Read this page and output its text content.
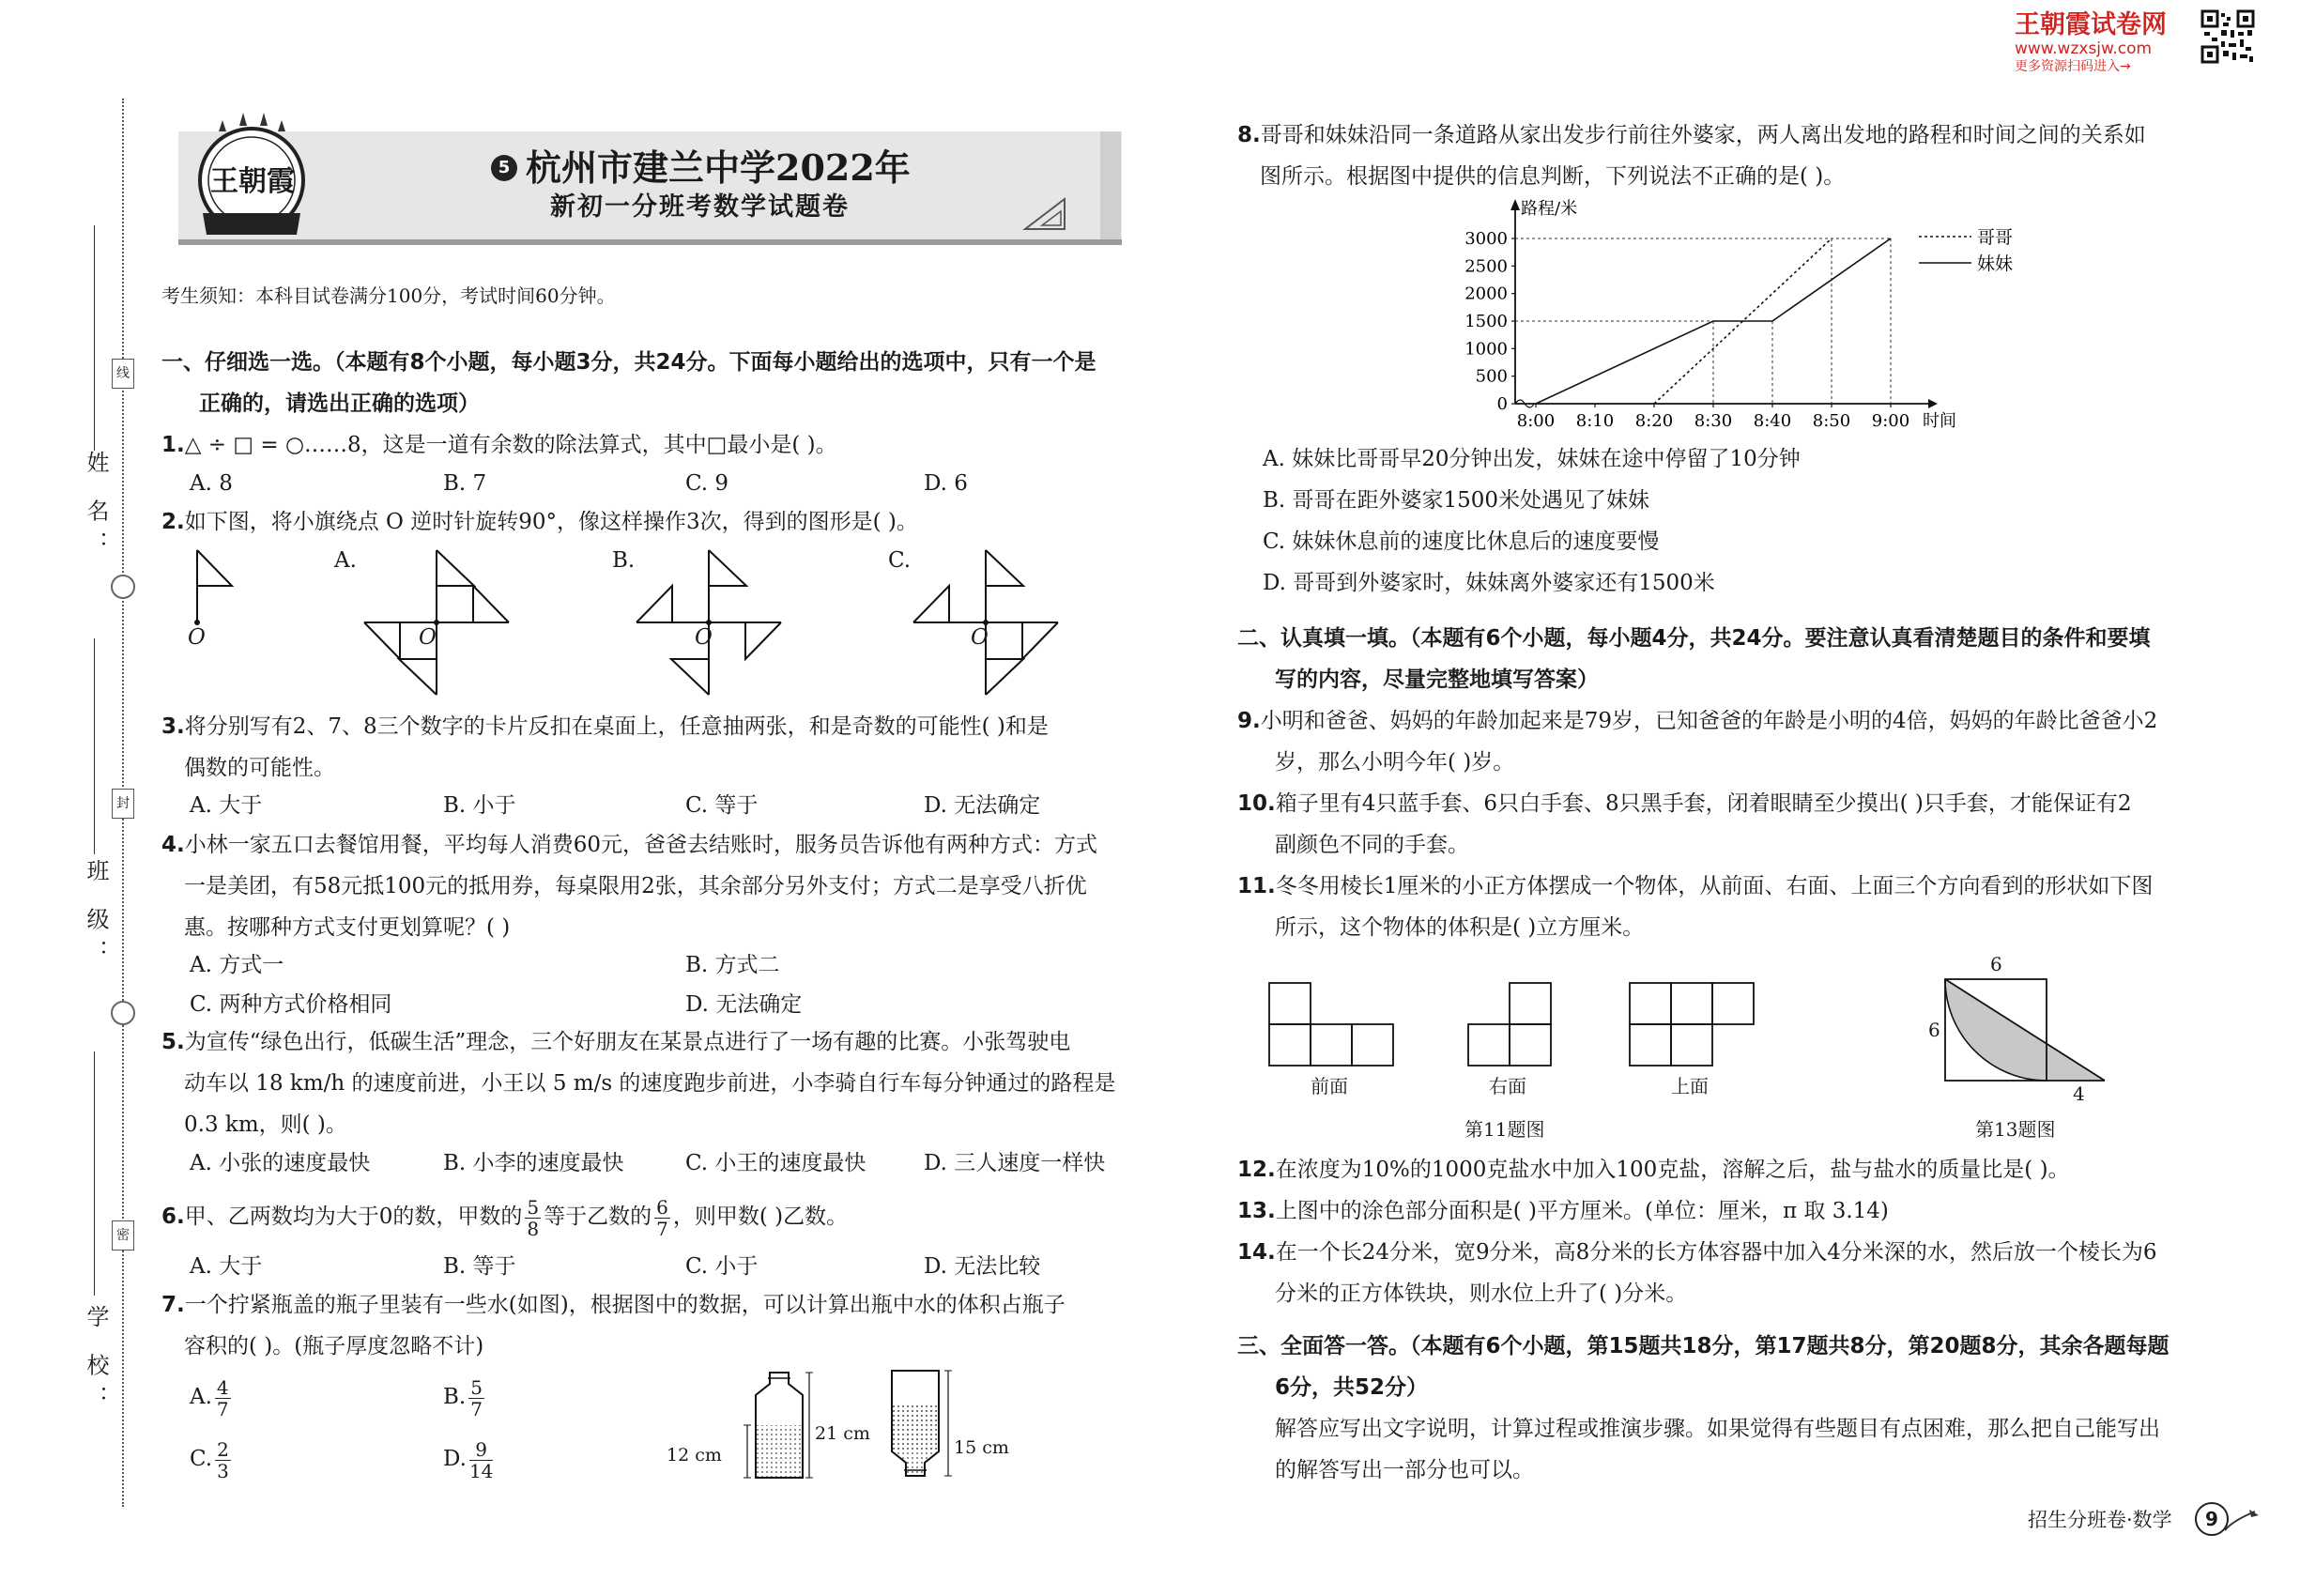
王朝霞试卷网
www.wzxsjw.com
更多资源扫码进入→
姓 名：
班 级：
学 校：
线
封
密
王朝霞	5 杭州市建兰中学2022年
新初一分班考数学试题卷
考生须知：本科目试卷满分100分，考试时间60分钟。
一、仔细选一选。（本题有8个小题，每小题3分，共24分。下面每小题给出的选项中，只有一个是
正确的，请选出正确的选项）
1.△ ÷ □ = ○……8，这是一道有余数的除法算式，其中□最小是( )。
A. 8	B. 7	C. 9	D. 6
2.如下图，将小旗绕点 O 逆时针旋转90°，像这样操作3次，得到的图形是( )。
O
A.	B.	C.
O	O	O
3.将分别写有2、7、8三个数字的卡片反扣在桌面上，任意抽两张，和是奇数的可能性( )和是
偶数的可能性。
A. 大于	B. 小于	C. 等于	D. 无法确定
4.小林一家五口去餐馆用餐，平均每人消费60元，爸爸去结账时，服务员告诉他有两种方式：方式
一是美团，有58元抵100元的抵用券，每桌限用2张，其余部分另外支付；方式二是享受八折优
惠。按哪种方式支付更划算呢？( )
A. 方式一	B. 方式二
C. 两种方式价格相同	D. 无法确定
5.为宣传“绿色出行，低碳生活”理念，三个好朋友在某景点进行了一场有趣的比赛。小张驾驶电
动车以 18 km/h 的速度前进，小王以 5 m/s 的速度跑步前进，小李骑自行车每分钟通过的路程是
0.3 km，则( )。
A. 小张的速度最快	B. 小李的速度最快	C. 小王的速度最快	D. 三人速度一样快
6.甲、乙两数均为大于0的数，甲数的 $\frac{5}{8}$ 等于乙数的 $\frac{6}{7}$ ，则甲数( )乙数。
A. 大于	B. 等于	C. 小于	D. 无法比较
7.一个拧紧瓶盖的瓶子里装有一些水(如图)，根据图中的数据，可以计算出瓶中水的体积占瓶子
容积的( )。(瓶子厚度忽略不计)
A. $\frac{4}{7}$	B. $\frac{5}{7}$
C. $\frac{2}{3}$	D. $\frac{9}{14}$	12 cm
21 cm
15 cm
8.哥哥和妹妹沿同一条道路从家出发步行前往外婆家，两人离出发地的路程和时间之间的关系如
图所示。根据图中提供的信息判断，下列说法不正确的是( )。
路程/米
时间
0
500
1000
1500
2000
2500
3000
8:00 8:10 8:20 8:30 8:40 8:50 9:00
哥哥
妹妹
A. 妹妹比哥哥早20分钟出发，妹妹在途中停留了10分钟
B. 哥哥在距外婆家1500米处遇见了妹妹
C. 妹妹休息前的速度比休息后的速度要慢
D. 哥哥到外婆家时，妹妹离外婆家还有1500米
二、认真填一填。（本题有6个小题，每小题4分，共24分。要注意认真看清楚题目的条件和要填
写的内容，尽量完整地填写答案）
9.小明和爸爸、妈妈的年龄加起来是79岁，已知爸爸的年龄是小明的4倍，妈妈的年龄比爸爸小2
岁，那么小明今年( )岁。
10.箱子里有4只蓝手套、6只白手套、8只黑手套，闭着眼睛至少摸出( )只手套，才能保证有2
副颜色不同的手套。
11.冬冬用棱长1厘米的小正方体摆成一个物体，从前面、右面、上面三个方向看到的形状如下图
所示，这个物体的体积是( )立方厘米。
前面	右面	上面
第11题图
6
6
4
第13题图
12.在浓度为10%的1000克盐水中加入100克盐，溶解之后，盐与盐水的质量比是( )。
13.上图中的涂色部分面积是( )平方厘米。(单位：厘米，π 取 3.14)
14.在一个长24分米，宽9分米，高8分米的长方体容器中加入4分米深的水，然后放一个棱长为6
分米的正方体铁块，则水位上升了( )分米。
三、全面答一答。（本题有6个小题，第15题共18分，第17题共8分，第20题8分，其余各题每题
6分，共52分）
解答应写出文字说明，计算过程或推演步骤。如果觉得有些题目有点困难，那么把自己能写出
的解答写出一部分也可以。
招生分班卷·数学	9
